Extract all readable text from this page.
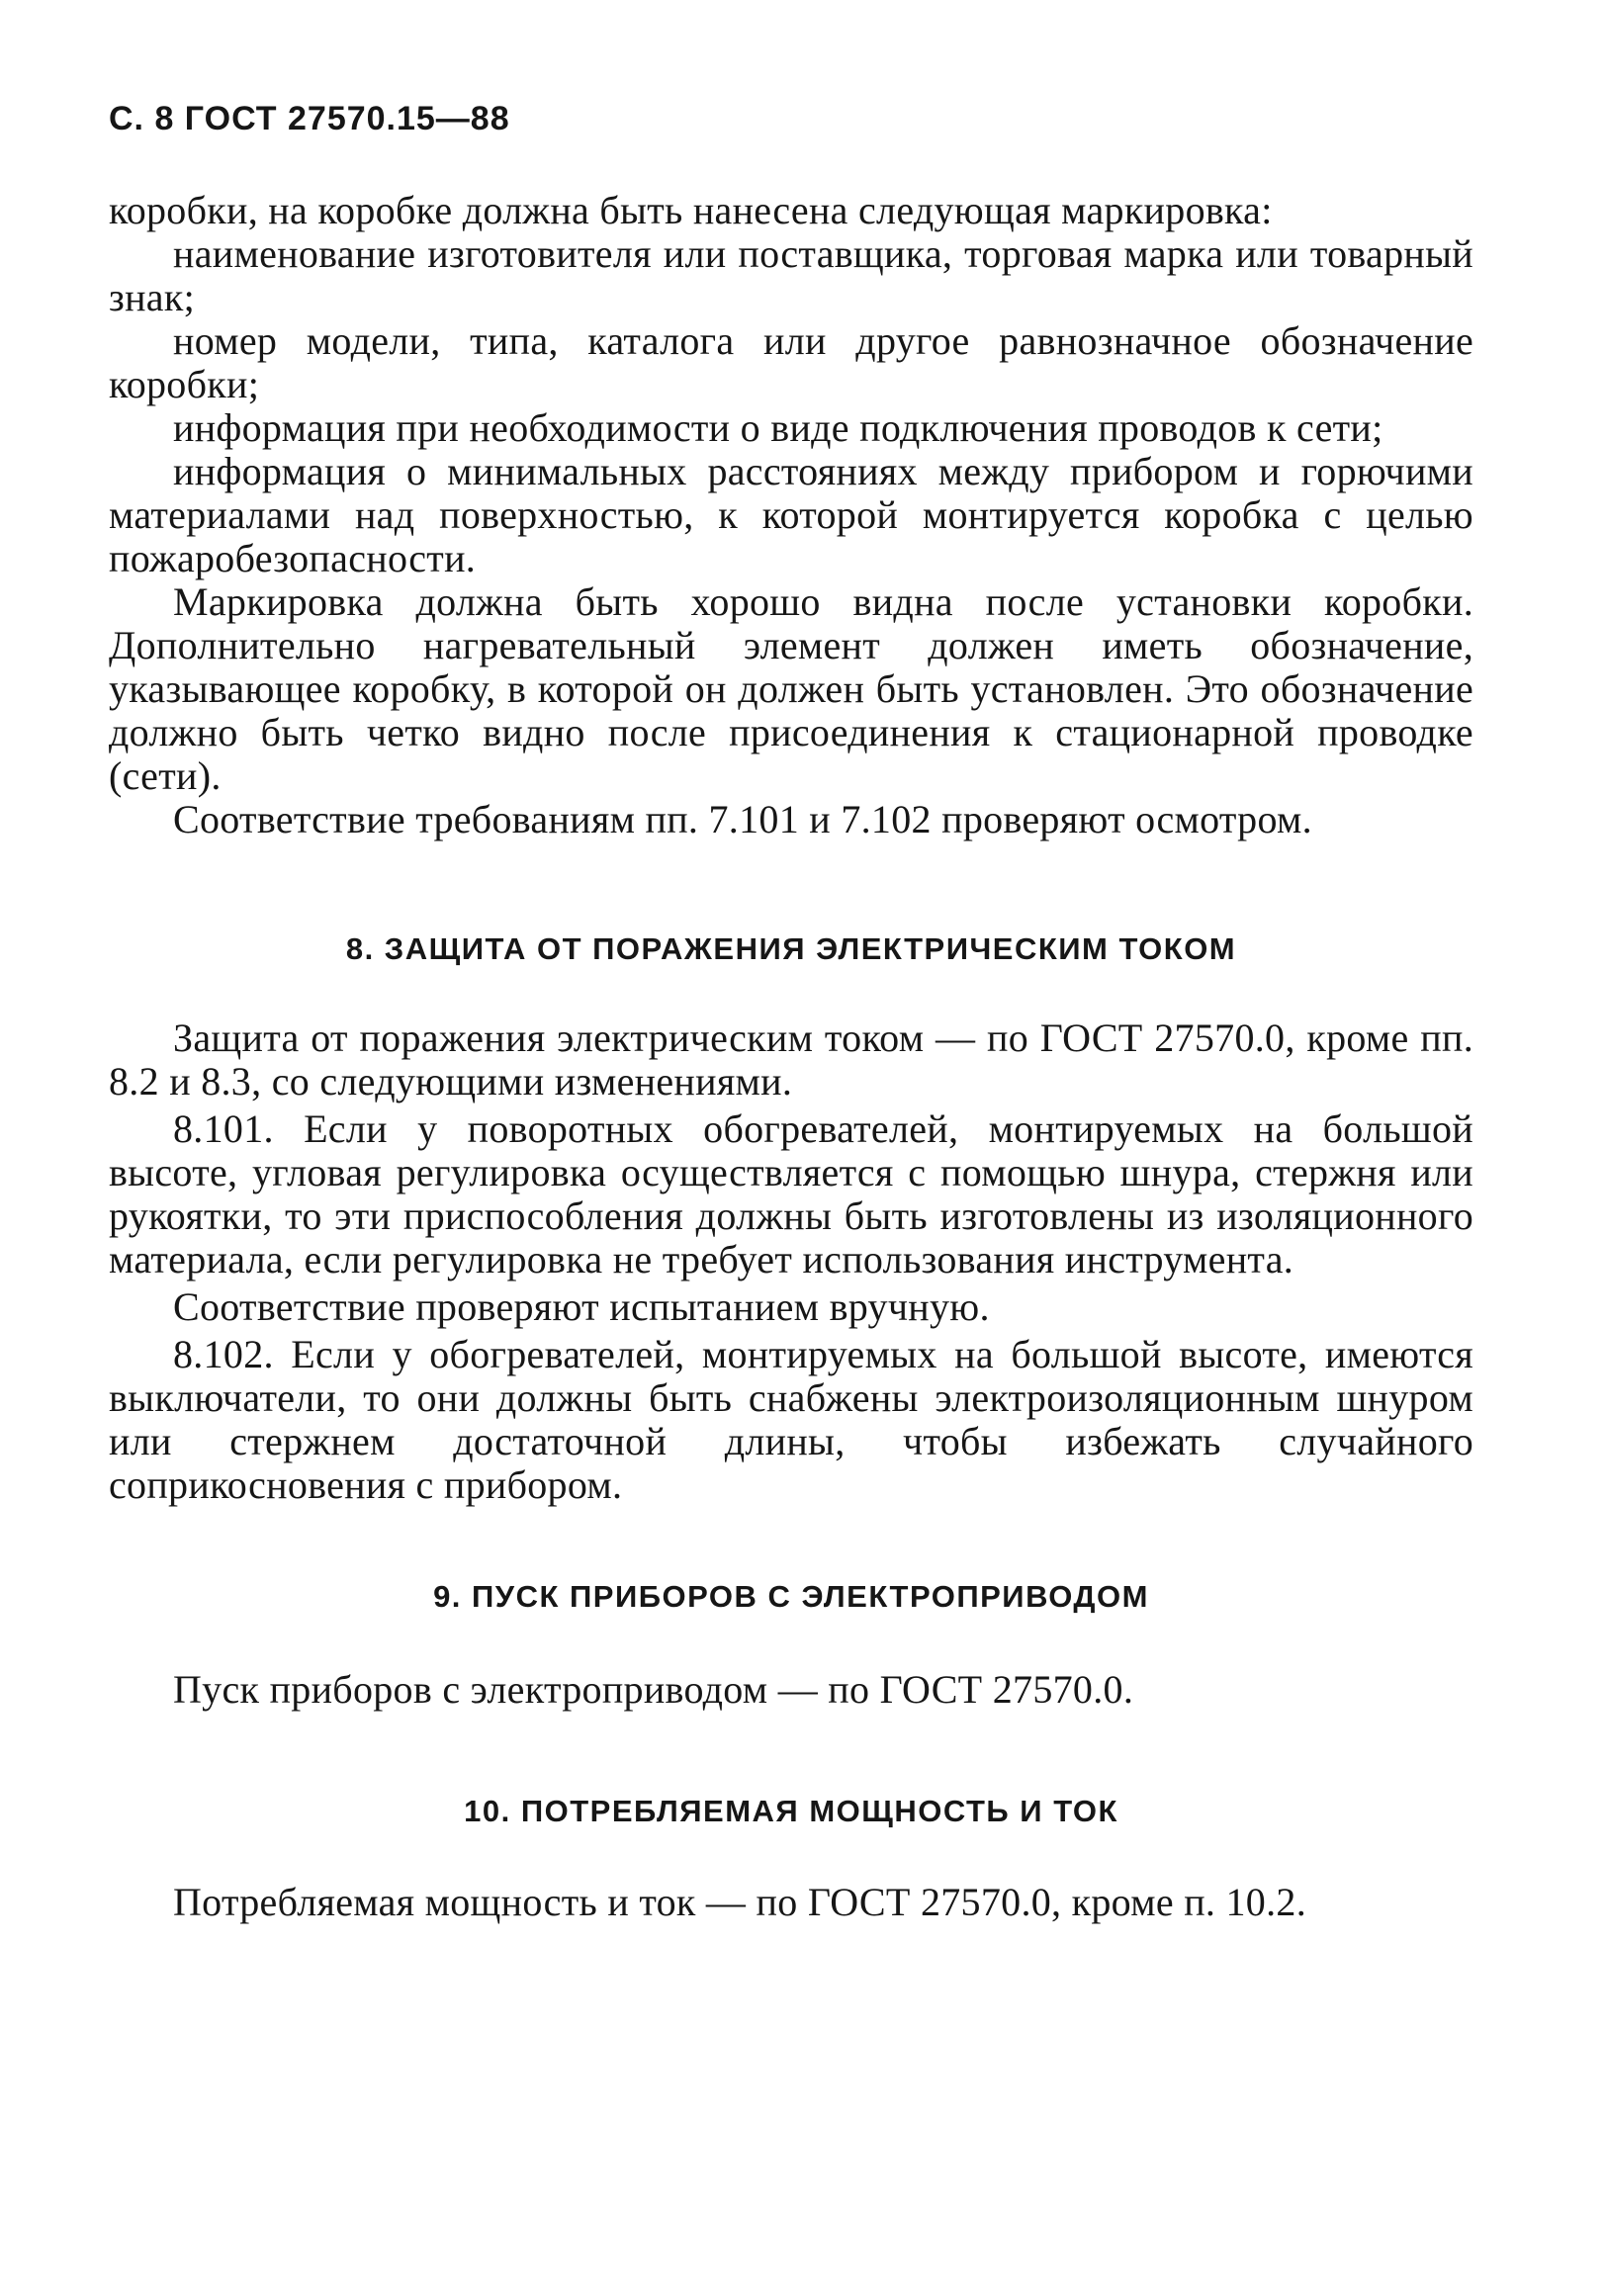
С. 8 ГОСТ 27570.15—88

коробки, на коробке должна быть нанесена следующая маркировка:

наименование изготовителя или поставщика, торговая марка или товарный знак;

номер модели, типа, каталога или другое равнозначное обозначение коробки;

информация при необходимости о виде подключения проводов к сети;

информация о минимальных расстояниях между прибором и горючими материалами над поверхностью, к которой монтируется коробка с целью пожаробезопасности.

Маркировка должна быть хорошо видна после установки коробки. Дополнительно нагревательный элемент должен иметь обозначение, указывающее коробку, в которой он должен быть установлен. Это обозначение должно быть четко видно после присоединения к стационарной проводке (сети).

Соответствие требованиям пп. 7.101 и 7.102 проверяют осмотром.

8. ЗАЩИТА ОТ ПОРАЖЕНИЯ ЭЛЕКТРИЧЕСКИМ ТОКОМ

Защита от поражения электрическим током — по ГОСТ 27570.0, кроме пп. 8.2 и 8.3, со следующими изменениями.

8.101. Если у поворотных обогревателей, монтируемых на большой высоте, угловая регулировка осуществляется с помощью шнура, стержня или рукоятки, то эти приспособления должны быть изготовлены из изоляционного материала, если регулировка не требует использования инструмента.

Соответствие проверяют испытанием вручную.

8.102. Если у обогревателей, монтируемых на большой высоте, имеются выключатели, то они должны быть снабжены электроизоляционным шнуром или стержнем достаточной длины, чтобы избежать случайного соприкосновения с прибором.

9. ПУСК ПРИБОРОВ С ЭЛЕКТРОПРИВОДОМ

Пуск приборов с электроприводом — по ГОСТ 27570.0.

10. ПОТРЕБЛЯЕМАЯ МОЩНОСТЬ И ТОК

Потребляемая мощность и ток — по ГОСТ 27570.0, кроме п. 10.2.
